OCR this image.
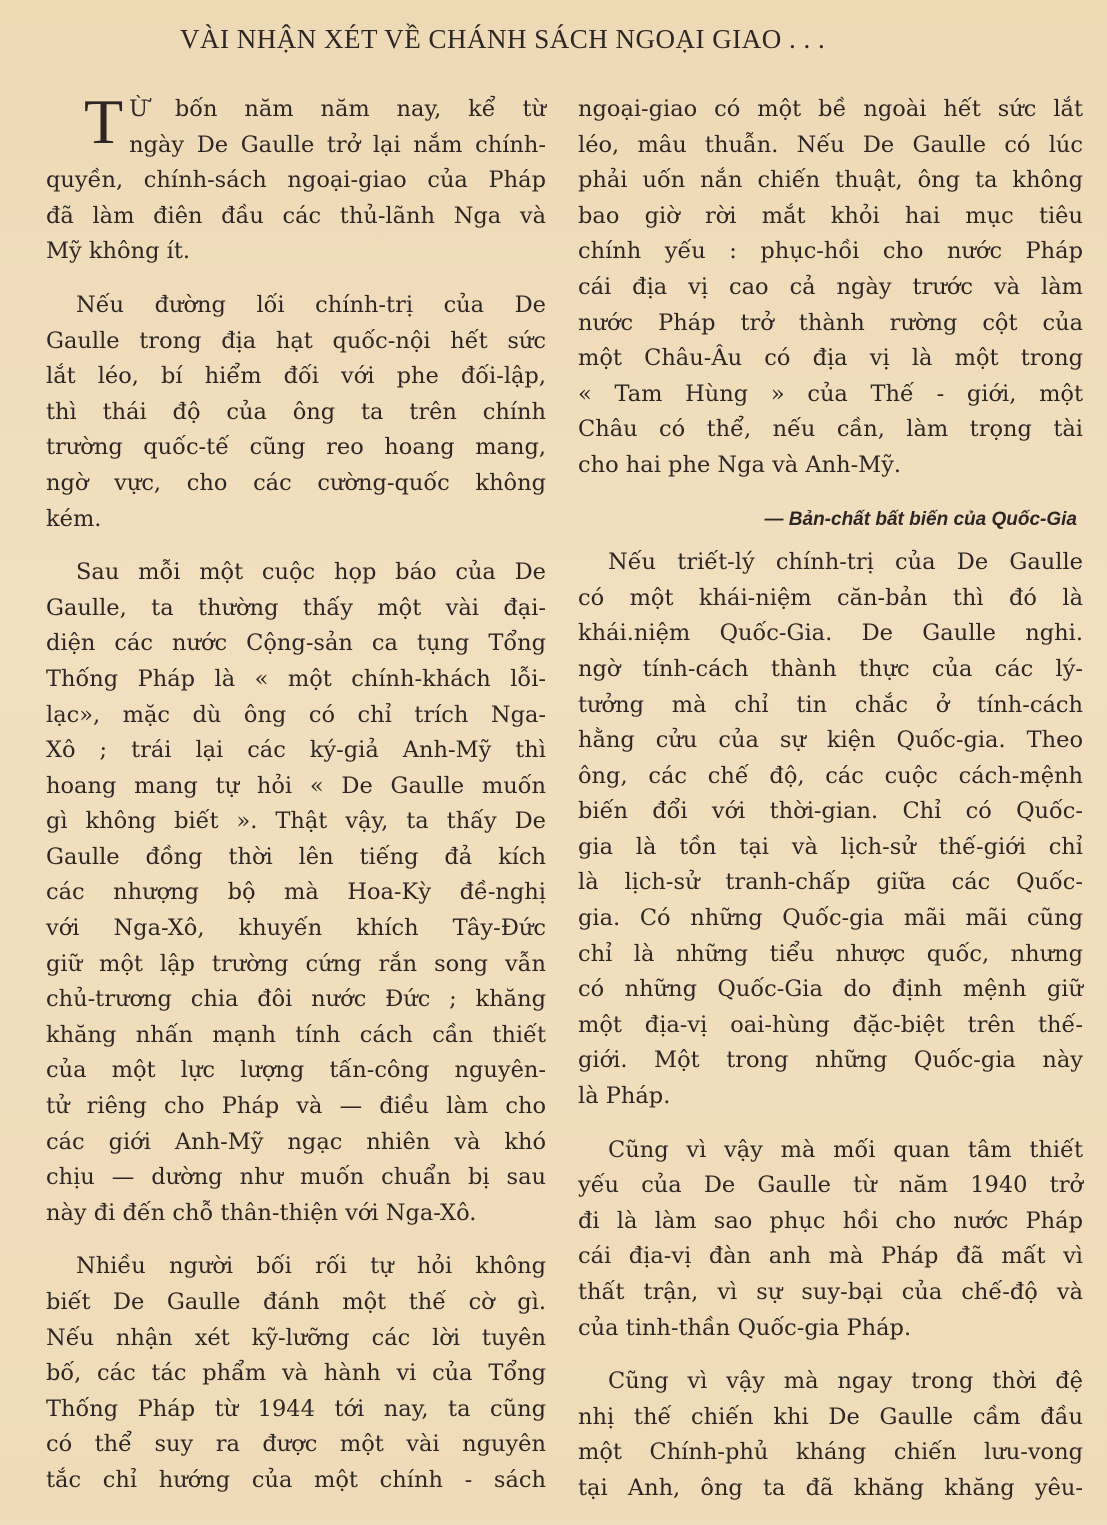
VÀI NHẬN XÉT VỀ CHÁNH SÁCH NGOẠI GIAO . . .
T Ừ bốn năm năm nay, kể từ
ngày De Gaulle trở lại nắm chính-
quyền, chính-sách ngoại-giao của Pháp
đã làm điên đầu các thủ-lãnh Nga và
Mỹ không ít.
Nếu đường lối chính-trị của De
Gaulle trong địa hạt quốc-nội hết sức
lắt léo, bí hiểm đối với phe đối-lập,
thì thái độ của ông ta trên chính
trường quốc-tế cũng reo hoang mang,
ngờ vực, cho các cường-quốc không
kém.
Sau mỗi một cuộc họp báo của De
Gaulle, ta thường thấy một vài đại-
diện các nước Cộng-sản ca tụng Tổng
Thống Pháp là « một chính-khách lỗi-
lạc», mặc dù ông có chỉ trích Nga-
Xô ; trái lại các ký-giả Anh-Mỹ thì
hoang mang tự hỏi « De Gaulle muốn
gì không biết ». Thật vậy, ta thấy De
Gaulle đồng thời lên tiếng đả kích
các nhượng bộ mà Hoa-Kỳ đề-nghị
với Nga-Xô, khuyến khích Tây-Đức
giữ một lập trường cứng rắn song vẫn
chủ-trương chia đôi nước Đức ; khăng
khăng nhấn mạnh tính cách cần thiết
của một lực lượng tấn-công nguyên-
tử riêng cho Pháp và — điều làm cho
các giới Anh-Mỹ ngạc nhiên và khó
chịu — dường như muốn chuẩn bị sau
này đi đến chỗ thân-thiện với Nga-Xô.
Nhiều người bối rối tự hỏi không
biết De Gaulle đánh một thế cờ gì.
Nếu nhận xét kỹ-lưỡng các lời tuyên
bố, các tác phẩm và hành vi của Tổng
Thống Pháp từ 1944 tới nay, ta cũng
có thể suy ra được một vài nguyên
tắc chỉ hướng của một chính - sách
ngoại-giao có một bề ngoài hết sức lắt
léo, mâu thuẫn. Nếu De Gaulle có lúc
phải uốn nắn chiến thuật, ông ta không
bao giờ rời mắt khỏi hai mục tiêu
chính yếu : phục-hồi cho nước Pháp
cái địa vị cao cả ngày trước và làm
nước Pháp trở thành rường cột của
một Châu-Âu có địa vị là một trong
« Tam Hùng » của Thế - giới, một
Châu có thể, nếu cần, làm trọng tài
cho hai phe Nga và Anh-Mỹ.
— Bản-chất bất biến của Quốc-Gia
Nếu triết-lý chính-trị của De Gaulle
có một khái-niệm căn-bản thì đó là
khái.niệm Quốc-Gia. De Gaulle nghi.
ngờ tính-cách thành thực của các lý-
tưởng mà chỉ tin chắc ở tính-cách
hằng cửu của sự kiện Quốc-gia. Theo
ông, các chế độ, các cuộc cách-mệnh
biến đổi với thời-gian. Chỉ có Quốc-
gia là tồn tại và lịch-sử thế-giới chỉ
là lịch-sử tranh-chấp giữa các Quốc-
gia. Có những Quốc-gia mãi mãi cũng
chỉ là những tiểu nhược quốc, nhưng
có những Quốc-Gia do định mệnh giữ
một địa-vị oai-hùng đặc-biệt trên thế-
giới. Một trong những Quốc-gia này
là Pháp.
Cũng vì vậy mà mối quan tâm thiết
yếu của De Gaulle từ năm 1940 trở
đi là làm sao phục hồi cho nước Pháp
cái địa-vị đàn anh mà Pháp đã mất vì
thất trận, vì sự suy-bại của chế-độ và
của tinh-thần Quốc-gia Pháp.
Cũng vì vậy mà ngay trong thời đệ
nhị thế chiến khi De Gaulle cầm đầu
một Chính-phủ kháng chiến lưu-vong
tại Anh, ông ta đã khăng khăng yêu-
